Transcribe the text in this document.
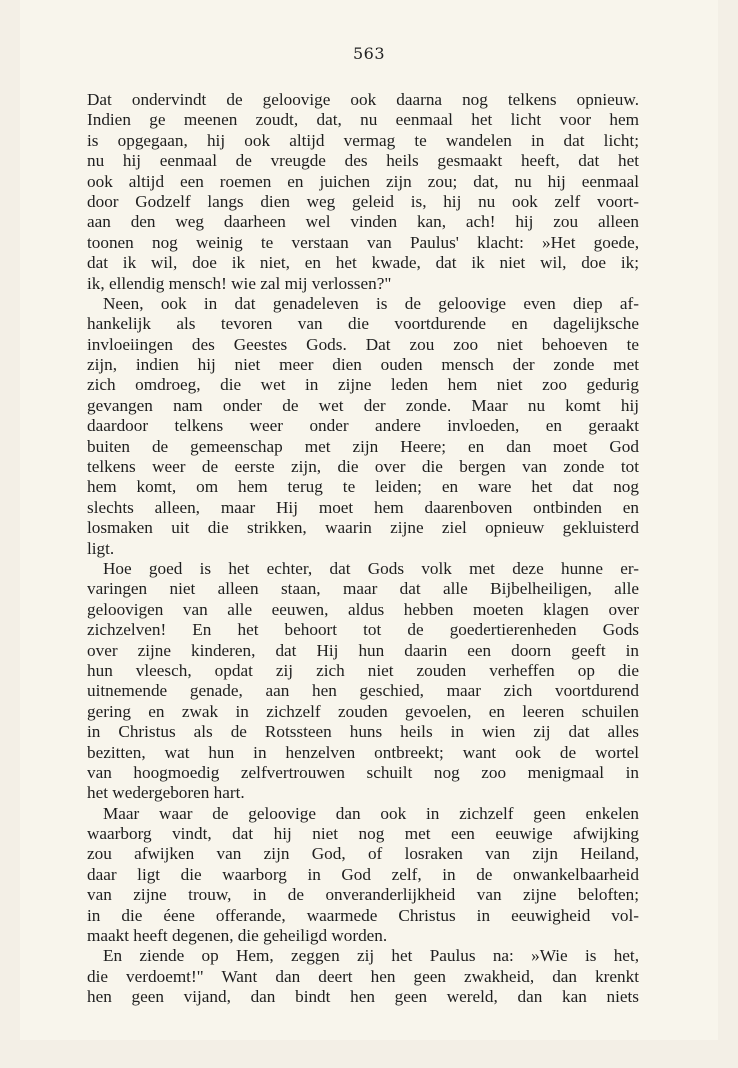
563
Dat ondervindt de geloovige ook daarna nog telkens opnieuw.
Indien ge meenen zoudt, dat, nu eenmaal het licht voor hem
is opgegaan, hij ook altijd vermag te wandelen in dat licht;
nu hij eenmaal de vreugde des heils gesmaakt heeft, dat het
ook altijd een roemen en juichen zijn zou; dat, nu hij eenmaal
door Godzelf langs dien weg geleid is, hij nu ook zelf voort-
aan den weg daarheen wel vinden kan, ach! hij zou alleen
toonen nog weinig te verstaan van Paulus' klacht: »Het goede,
dat ik wil, doe ik niet, en het kwade, dat ik niet wil, doe ik;
ik, ellendig mensch! wie zal mij verlossen?"
Neen, ook in dat genadeleven is de geloovige even diep af-
hankelijk als tevoren van die voortdurende en dagelijksche
invloeiingen des Geestes Gods. Dat zou zoo niet behoeven te
zijn, indien hij niet meer dien ouden mensch der zonde met
zich omdroeg, die wet in zijne leden hem niet zoo gedurig
gevangen nam onder de wet der zonde. Maar nu komt hij
daardoor telkens weer onder andere invloeden, en geraakt
buiten de gemeenschap met zijn Heere; en dan moet God
telkens weer de eerste zijn, die over die bergen van zonde tot
hem komt, om hem terug te leiden; en ware het dat nog
slechts alleen, maar Hij moet hem daarenboven ontbinden en
losmaken uit die strikken, waarin zijne ziel opnieuw gekluisterd
ligt.
Hoe goed is het echter, dat Gods volk met deze hunne er-
varingen niet alleen staan, maar dat alle Bijbelheiligen, alle
geloovigen van alle eeuwen, aldus hebben moeten klagen over
zichzelven! En het behoort tot de goedertierenheden Gods
over zijne kinderen, dat Hij hun daarin een doorn geeft in
hun vleesch, opdat zij zich niet zouden verheffen op die
uitnemende genade, aan hen geschied, maar zich voortdurend
gering en zwak in zichzelf zouden gevoelen, en leeren schuilen
in Christus als de Rotssteen huns heils in wien zij dat alles
bezitten, wat hun in henzelven ontbreekt; want ook de wortel
van hoogmoedig zelfvertrouwen schuilt nog zoo menigmaal in
het wedergeboren hart.
Maar waar de geloovige dan ook in zichzelf geen enkelen
waarborg vindt, dat hij niet nog met een eeuwige afwijking
zou afwijken van zijn God, of losraken van zijn Heiland,
daar ligt die waarborg in God zelf, in de onwankelbaarheid
van zijne trouw, in de onveranderlijkheid van zijne beloften;
in die éene offerande, waarmede Christus in eeuwigheid vol-
maakt heeft degenen, die geheiligd worden.
En ziende op Hem, zeggen zij het Paulus na: »Wie is het,
die verdoemt!" Want dan deert hen geen zwakheid, dan krenkt
hen geen vijand, dan bindt hen geen wereld, dan kan niets
